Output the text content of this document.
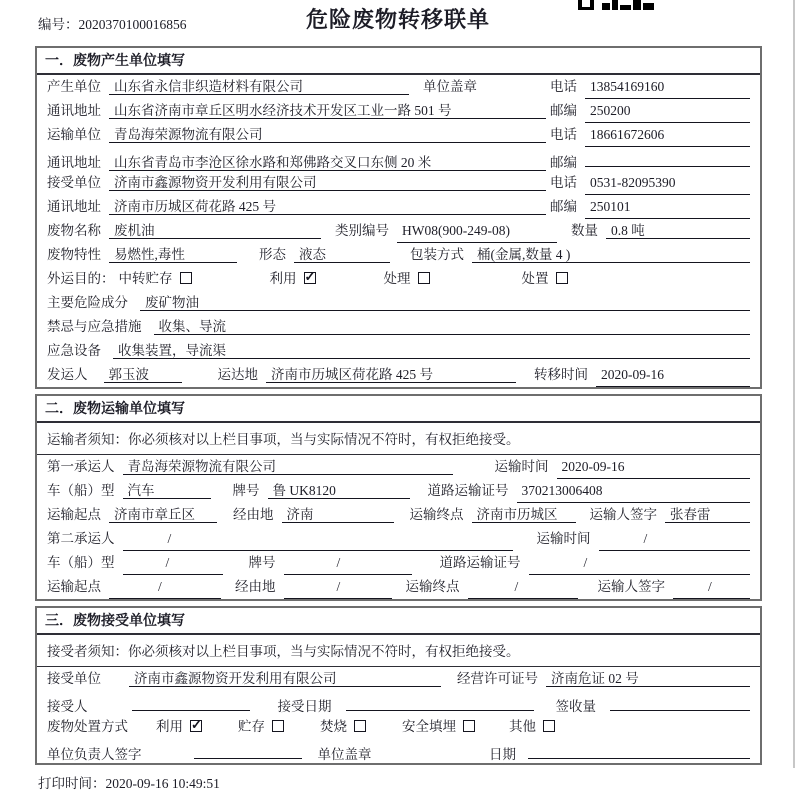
编号：2020370100016856	危险废物转移联单
一．废物产生单位填写
产生单位 山东省永信非织造材料有限公司	单位盖章	电话 13854169160
通讯地址 山东省济南市章丘区明水经济技术开发区工业一路 501 号	邮编 250200
运输单位 青岛海荣源物流有限公司	电话 18661672606
通讯地址 山东省青岛市李沧区徐水路和郑佛路交叉口东侧 20 米	邮编
接受单位 济南市鑫源物资开发利用有限公司	电话 0531-82095390
通讯地址 济南市历城区荷花路 425 号	邮编 250101
废物名称 废机油	类别编号 HW08(900-249-08)	数量 0.8 吨
废物特性 易燃性,毒性	形态 液态	包装方式 桶(金属,数量 4 )
外运目的： 中转贮存	利用 ✓	处理	处置
主要危险成分	废矿物油
禁忌与应急措施	收集、导流
应急设备	收集装置，导流渠
发运人	郭玉波	运达地 济南市历城区荷花路 425 号	转移时间 2020-09-16
二．废物运输单位填写
运输者须知：你必须核对以上栏目事项，当与实际情况不符时，有权拒绝接受。
第一承运人 青岛海荣源物流有限公司	运输时间 2020-09-16
车（船）型 汽车	牌号 鲁 UK8120	道路运输证号 370213006408
运输起点 济南市章丘区	经由地 济南	运输终点 济南市历城区	运输人签字 张春雷
第二承运人	/	运输时间	/
车（船）型	/	牌号	/	道路运输证号	/
运输起点	/	经由地	/	运输终点	/	运输人签字	/
三．废物接受单位填写
接受者须知：你必须核对以上栏目事项，当与实际情况不符时，有权拒绝接受。
接受单位	济南市鑫源物资开发利用有限公司	经营许可证号 济南危证 02 号
接受人	接受日期	签收量
废物处置方式 利用 ✓	贮存	焚烧	安全填埋	其他
单位负责人签字	单位盖章	日期
打印时间：2020-09-16 10:49:51
